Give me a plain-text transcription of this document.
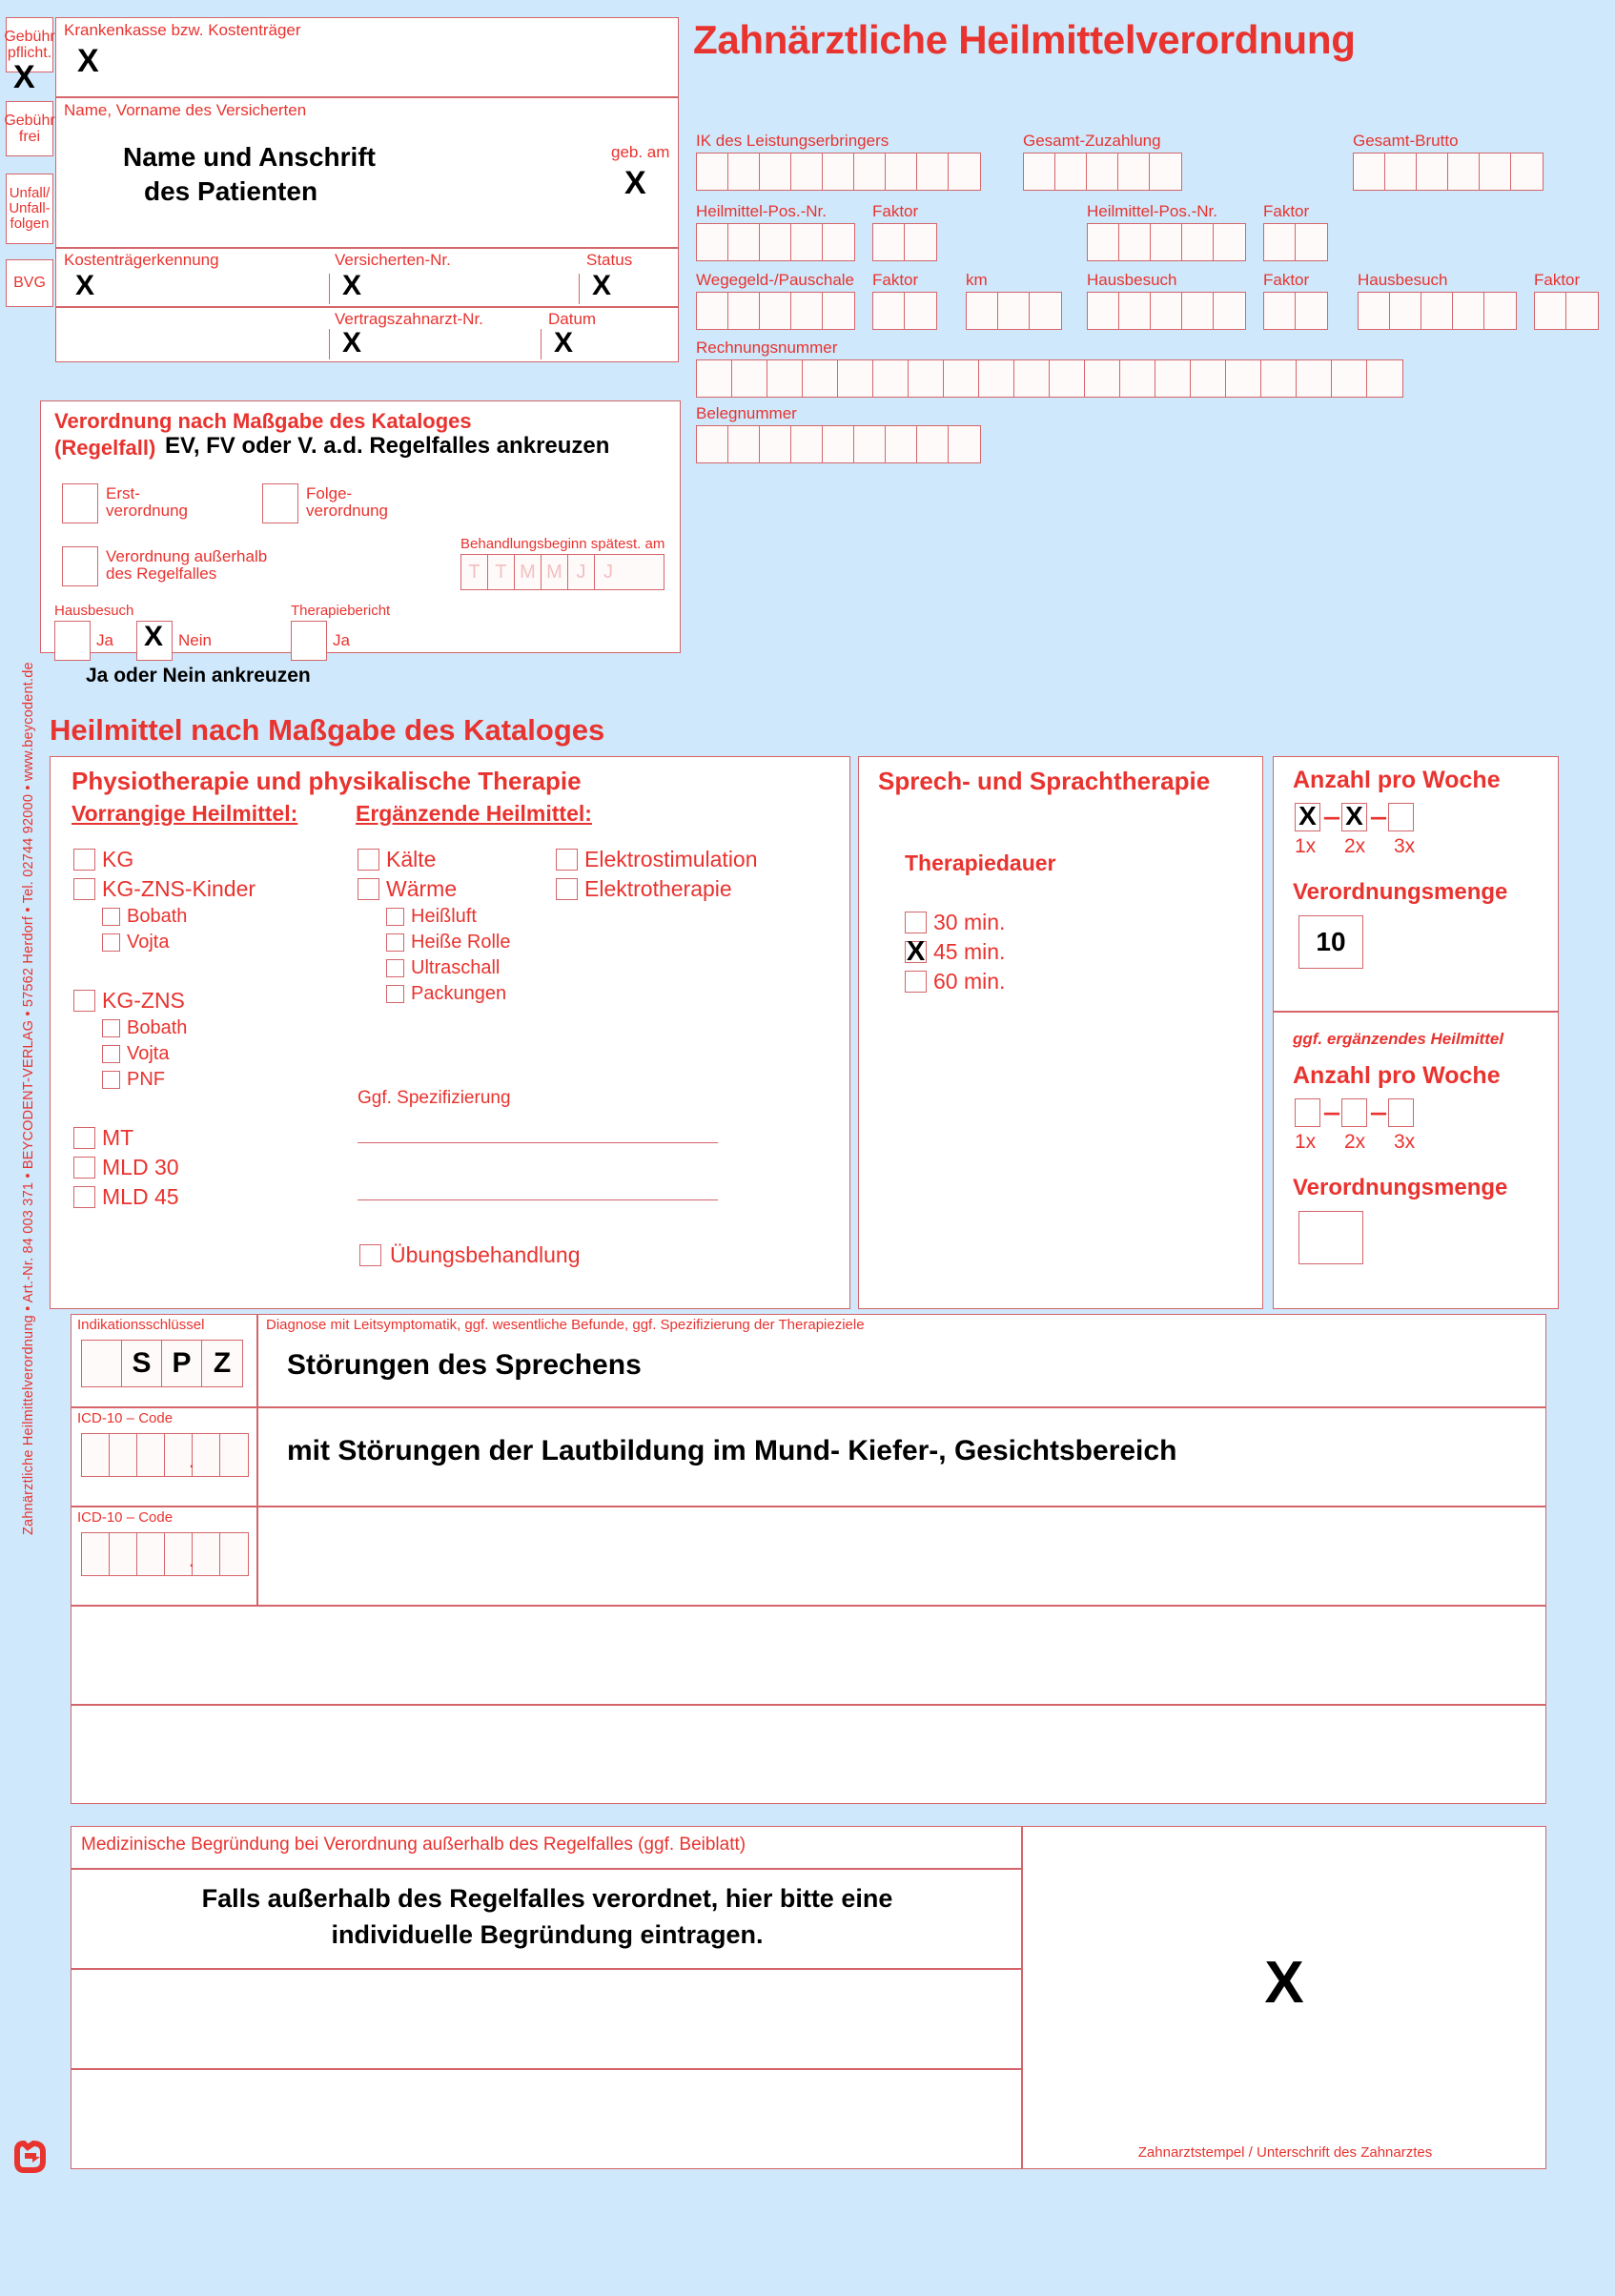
Gebühr
pflicht.
X
Gebühr
frei
Unfall/
Unfall-
folgen
BVG
Zahnärztliche Heilmittelverordnung • Art.-Nr. 84 003 371 • BEYCODENT-VERLAG • 57562 Herdorf • Tel. 02744 92000 • www.beycodent.de
Zahnärztliche Heilmittelverordnung
Krankenkasse bzw. Kostenträger
X
Name, Vorname des Versicherten
Name und Anschrift
des Patienten
geb. am
X
Kostenträgerkennung
X
Versicherten-Nr.
X
Status
X
Vertragszahnarzt-Nr.
X
Datum
X
IK des Leistungserbringers	Gesamt-Zuzahlung	Gesamt-Brutto
Heilmittel-Pos.-Nr.	Faktor	Heilmittel-Pos.-Nr.	Faktor
Wegegeld-/Pauschale Faktor	km	Hausbesuch	Faktor	Hausbesuch	Faktor
Rechnungsnummer
Belegnummer
Verordnung nach Maßgabe des Kataloges
(Regelfall) EV, FV oder V. a.d. Regelfalles ankreuzen
Erst-
verordnung
Folge-
verordnung
Verordnung außerhalb
des Regelfalles
Behandlungsbeginn spätest. am
T T M M J J
Hausbesuch
Ja X Nein
Therapiebericht
Ja
Ja oder Nein ankreuzen
Heilmittel nach Maßgabe des Kataloges
Physiotherapie und physikalische Therapie
Vorrangige Heilmittel:	Ergänzende Heilmittel:
KG
KG-ZNS-Kinder
Bobath
Vojta
KG-ZNS
Bobath
Vojta
PNF
MT
MLD 30
MLD 45
Kälte
Wärme
Heißluft
Heiße Rolle
Ultraschall
Packungen
Elektrostimulation
Elektrotherapie
Ggf. Spezifizierung
Übungsbehandlung
Sprech- und Sprachtherapie
Therapiedauer
30 min.
X 45 min.
60 min.
Anzahl pro Woche
X --- X ---
1x	2x	3x
Verordnungsmenge
10
ggf. ergänzendes Heilmittel
Anzahl pro Woche
--- ---
1x	2x	3x
Verordnungsmenge
Indikationsschlüssel
S P Z
Diagnose mit Leitsymptomatik, ggf. wesentliche Befunde, ggf. Spezifizierung der Therapieziele
Störungen des Sprechens
ICD-10 – Code
.	mit Störungen der Lautbildung im Mund- Kiefer-, Gesichtsbereich
ICD-10 – Code
.
Medizinische Begründung bei Verordnung außerhalb des Regelfalles (ggf. Beiblatt)
Falls außerhalb des Regelfalles verordnet, hier bitte eine
individuelle Begründung eintragen.
X
Zahnarztstempel / Unterschrift des Zahnarztes
